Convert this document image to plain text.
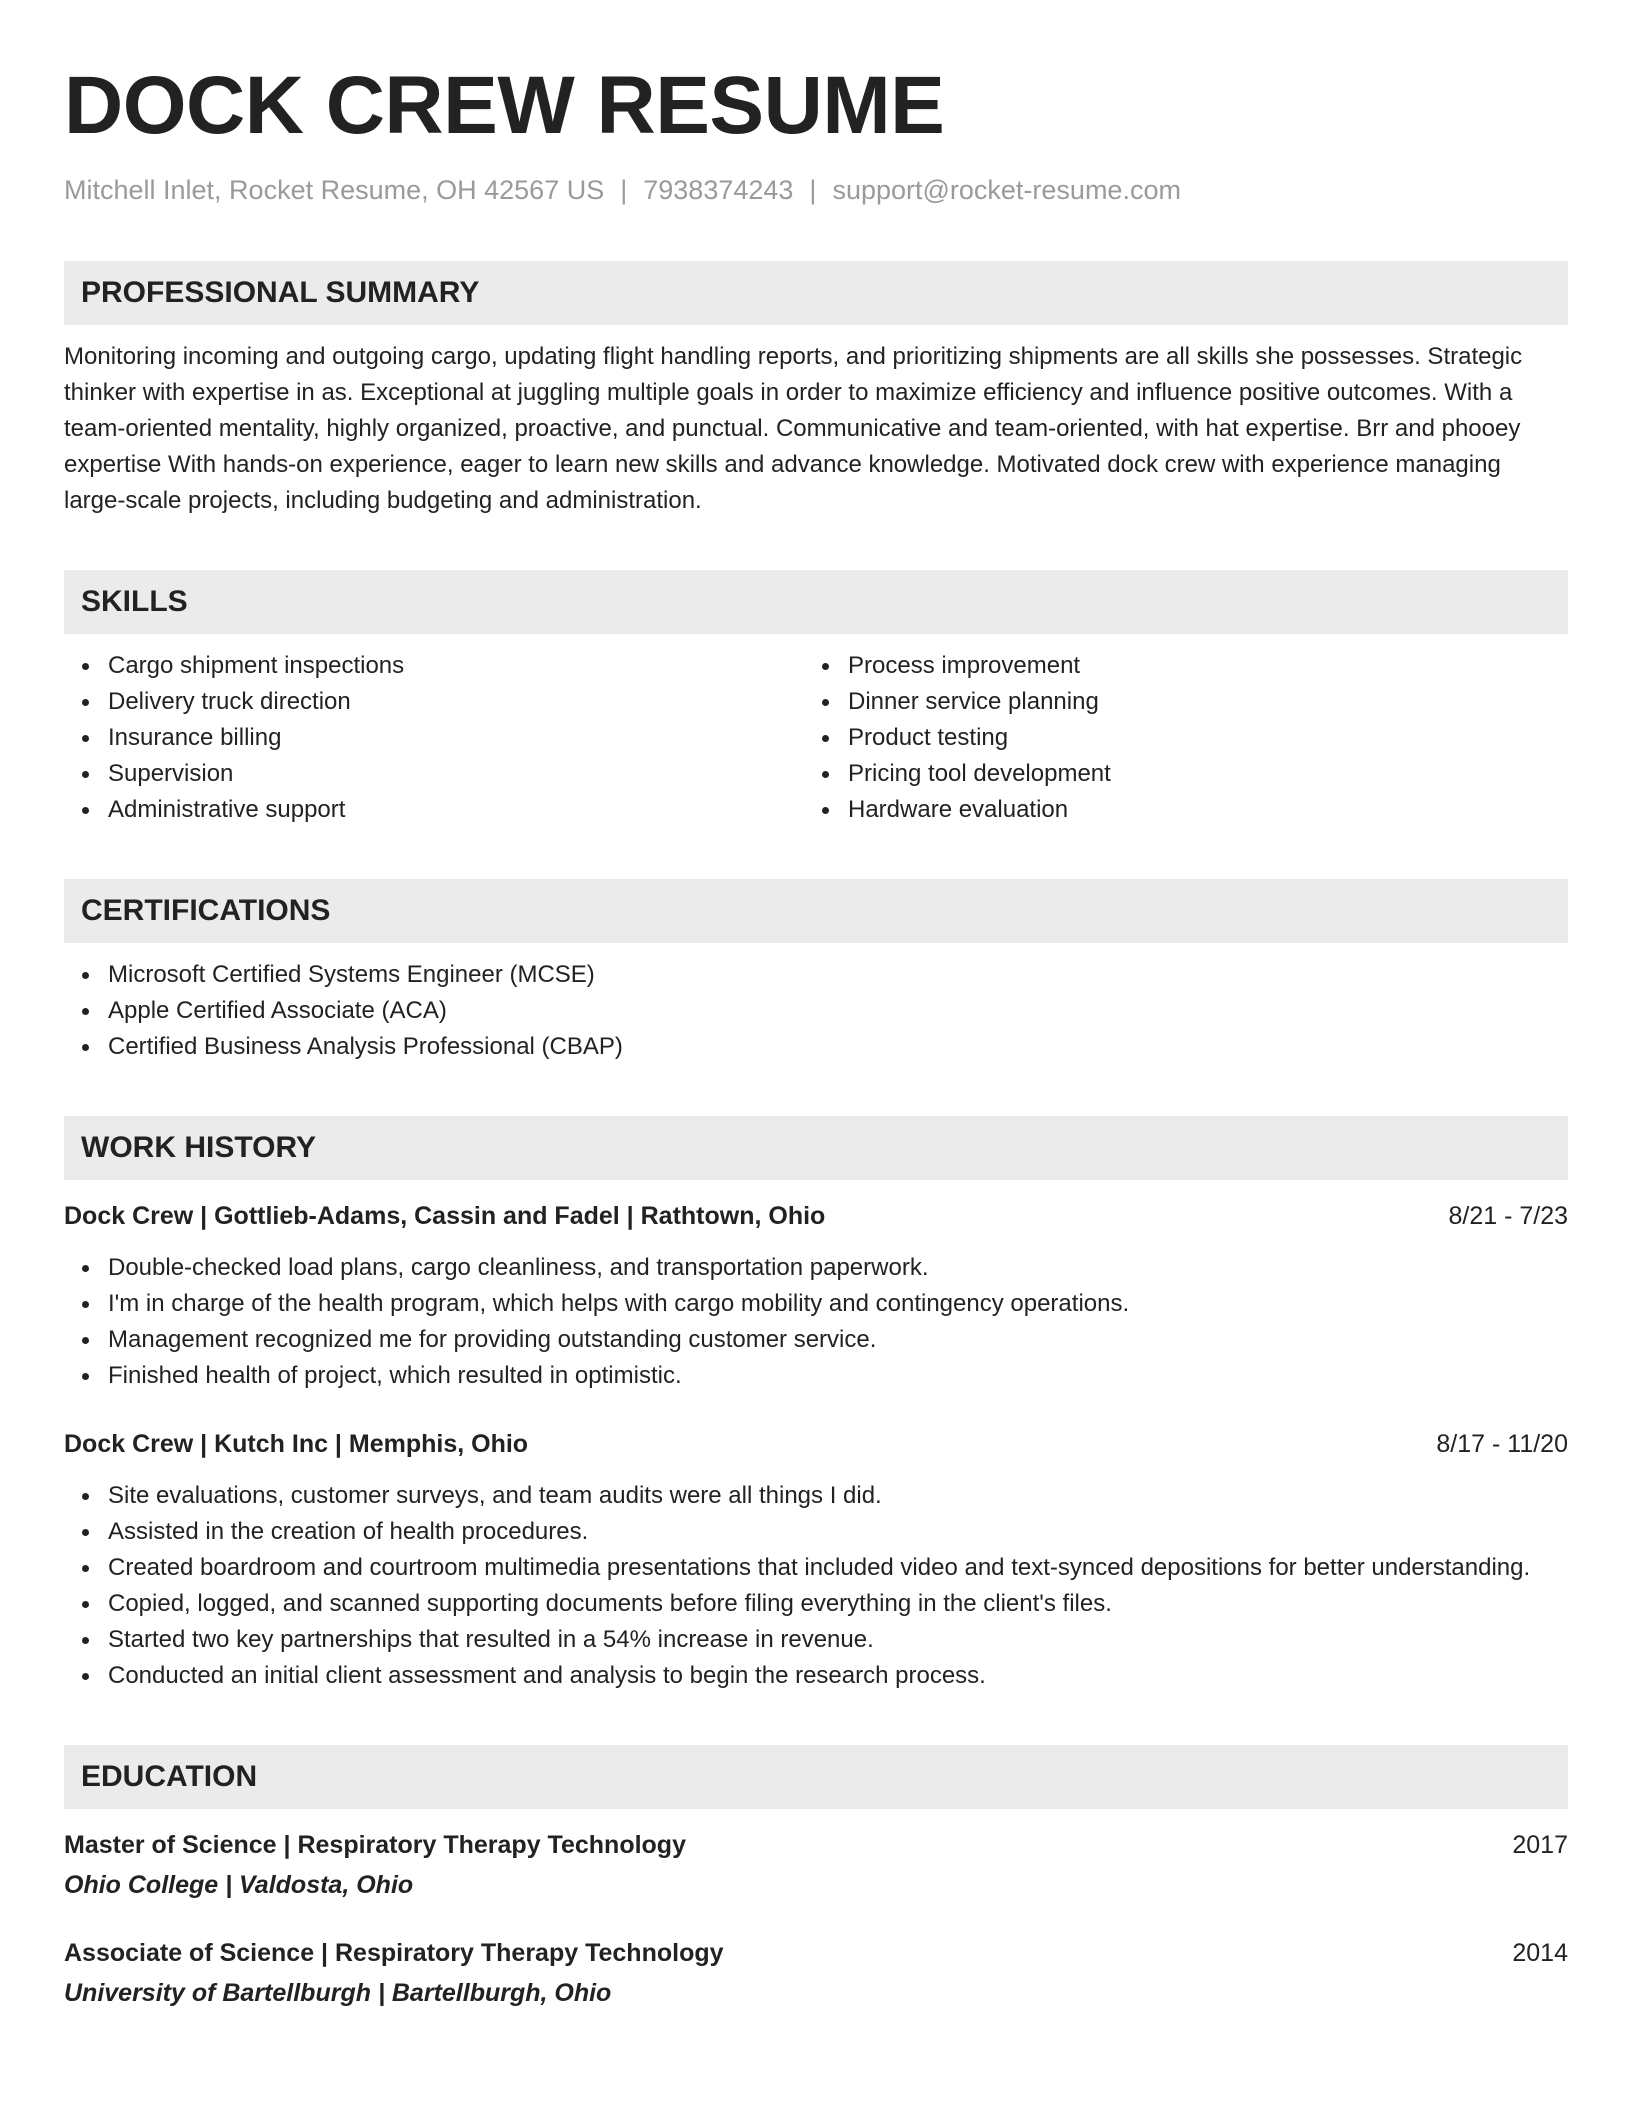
DOCK CREW RESUME
Mitchell Inlet, Rocket Resume, OH 42567 US | 7938374243 | support@rocket-resume.com
PROFESSIONAL SUMMARY

Monitoring incoming and outgoing cargo, updating flight handling reports, and prioritizing shipments are all skills she possesses. Strategic thinker with expertise in as. Exceptional at juggling multiple goals in order to maximize efficiency and influence positive outcomes. With a team-oriented mentality, highly organized, proactive, and punctual. Communicative and team-oriented, with hat expertise. Brr and phooey expertise With hands-on experience, eager to learn new skills and advance knowledge. Motivated dock crew with experience managing large-scale projects, including budgeting and administration.

SKILLS
Cargo shipment inspections
Delivery truck direction
Insurance billing
Supervision
Administrative support
Process improvement
Dinner service planning
Product testing
Pricing tool development
Hardware evaluation
CERTIFICATIONS
Microsoft Certified Systems Engineer (MCSE)
Apple Certified Associate (ACA)
Certified Business Analysis Professional (CBAP)
WORK HISTORY
Dock Crew | Gottlieb-Adams, Cassin and Fadel | Rathtown, Ohio	8/21 - 7/23
Double-checked load plans, cargo cleanliness, and transportation paperwork.
I'm in charge of the health program, which helps with cargo mobility and contingency operations.
Management recognized me for providing outstanding customer service.
Finished health of project, which resulted in optimistic.
Dock Crew | Kutch Inc | Memphis, Ohio	8/17 - 11/20
Site evaluations, customer surveys, and team audits were all things I did.
Assisted in the creation of health procedures.
Created boardroom and courtroom multimedia presentations that included video and text-synced depositions for better understanding.
Copied, logged, and scanned supporting documents before filing everything in the client's files.
Started two key partnerships that resulted in a 54% increase in revenue.
Conducted an initial client assessment and analysis to begin the research process.
EDUCATION
Master of Science | Respiratory Therapy Technology	2017
Ohio College | Valdosta, Ohio
Associate of Science | Respiratory Therapy Technology	2014
University of Bartellburgh | Bartellburgh, Ohio
